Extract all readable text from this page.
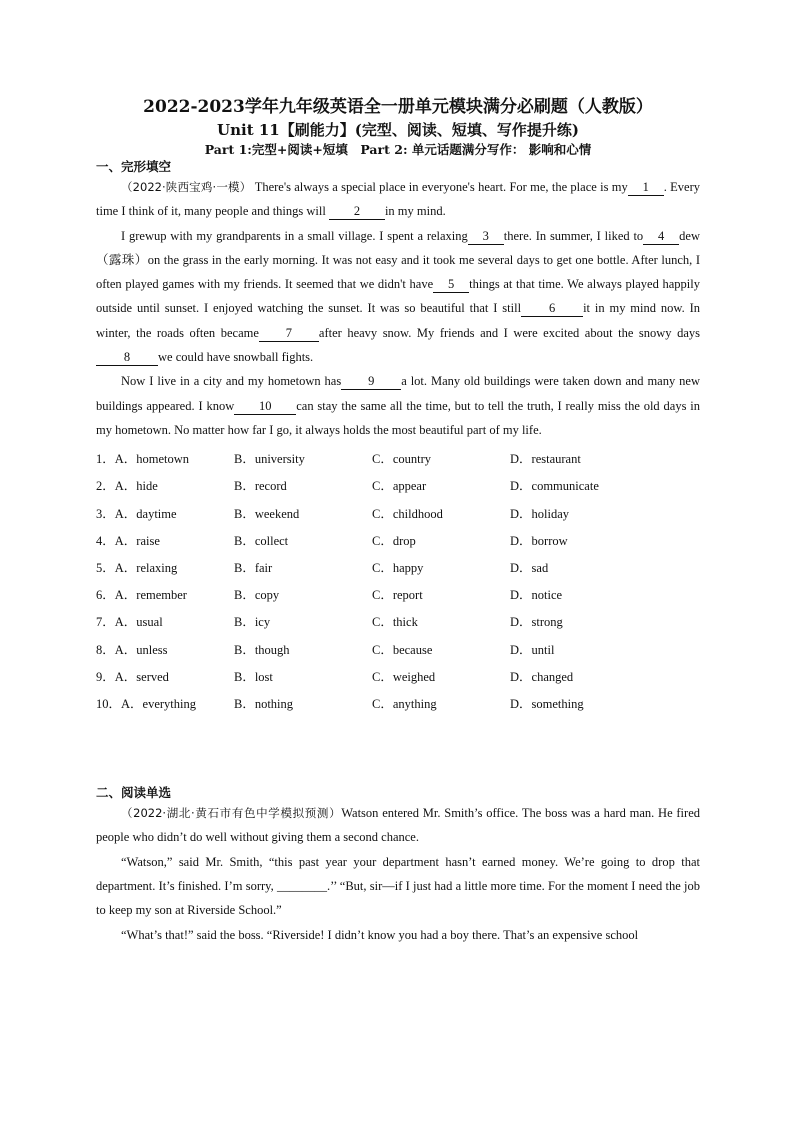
2022-2023学年九年级英语全一册单元模块满分必刷题（人教版）

Unit 11【刷能力】(完型、阅读、短填、写作提升练)

Part 1:完型+阅读+短填　Part 2: 单元话题满分写作： 影响和心情

一、完形填空

（2022·陕西宝鸡·一模） There's always a special place in everyone's heart. For me, the place is my 1 . Every time I think of it, many people and things will 2 in my mind.

I grewup with my grandparents in a small village. I spent a relaxing 3 there. In summer, I liked to 4 dew（露珠）on the grass in the early morning. It was not easy and it took me several days to get one bottle. After lunch, I often played games with my friends. It seemed that we didn't have 5 things at that time. We always played happily outside until sunset. I enjoyed watching the sunset. It was so beautiful that I still 6 it in my mind now. In winter, the roads often became 7 after heavy snow. My friends and I were excited about the snowy days8 we could have snowball fights.

Now I live in a city and my hometown has 9 a lot. Many old buildings were taken down and many new buildings appeared. I know 10 can stay the same all the time, but to tell the truth, I really miss the old days in my hometown. No matter how far I go, it always holds the most beautiful part of my life.

1．A．hometown	B．university	C．country	D．restaurant
2．A．hide	B．record	C．appear	D．communicate
3．A．daytime	B．weekend	C．childhood	D．holiday
4．A．raise	B．collect	C．drop	D．borrow
5．A．relaxing	B．fair	C．happy	D．sad
6．A．remember	B．copy	C．report	D．notice
7．A．usual	B．icy	C．thick	D．strong
8．A．unless	B．though	C．because	D．until
9．A．served	B．lost	C．weighed	D．changed
10．A．everything	B．nothing	C．anything	D．something

二、阅读单选

（2022·湖北·黄石市有色中学模拟预测）Watson entered Mr. Smith’s office. The boss was a hard man. He fired people who didn’t do well without giving them a second chance.

“Watson,” said Mr. Smith, “this past year your department hasn’t earned money. We’re going to drop that department. It’s finished. I’m sorry, ________.’’ “But, sir—if I just had a little more time. For the moment I need the job to keep my son at Riverside School.”

“What’s that!” said the boss. “Riverside! I didn’t know you had a boy there. That’s an expensive school
